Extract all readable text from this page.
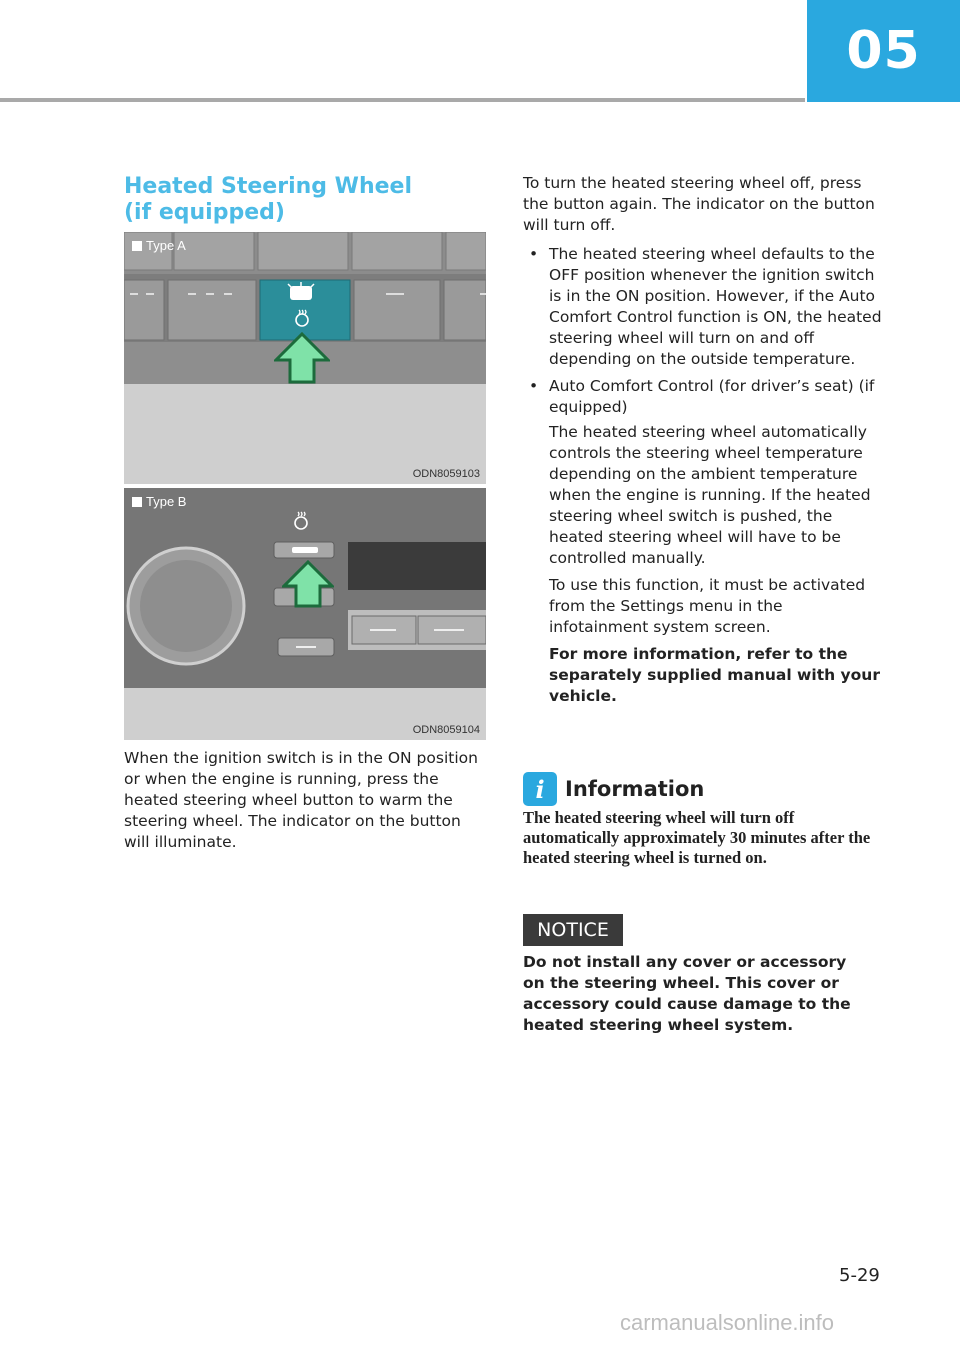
05
Heated Steering Wheel
(if equipped)
Type A
ODN8059103
Type B
ODN8059104
When the ignition switch is in the ON position or when the engine is running, press the heated steering wheel button to warm the steering wheel. The indicator on the button will illuminate.

To turn the heated steering wheel off, press the button again. The indicator on the button will turn off.

• The heated steering wheel defaults to the OFF position whenever the ignition switch is in the ON position. However, if the Auto Comfort Control function is ON, the heated steering wheel will turn on and off depending on the outside temperature.
• Auto Comfort Control (for driver’s seat) (if equipped)
The heated steering wheel automatically controls the steering wheel temperature depending on the ambient temperature when the engine is running. If the heated steering wheel switch is pushed, the heated steering wheel will have to be controlled manually.
To use this function, it must be activated from the Settings menu in the infotainment system screen.
For more information, refer to the separately supplied manual with your vehicle.
i Information
The heated steering wheel will turn off automatically approximately 30 minutes after the heated steering wheel is turned on.
NOTICE
Do not install any cover or accessory on the steering wheel. This cover or accessory could cause damage to the heated steering wheel system.
5-29
carmanualsonline.info
